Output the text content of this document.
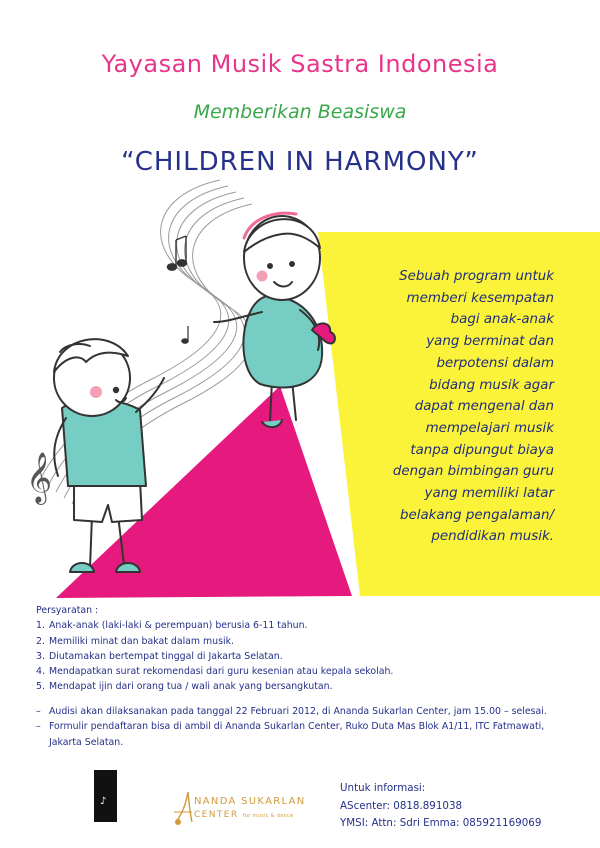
𝄞
Yayasan Musik Sastra Indonesia
Memberikan Beasiswa
“CHILDREN IN HARMONY”
Sebuah program untuk
memberi kesempatan
bagi anak-anak
yang berminat dan
berpotensi dalam
bidang musik agar
dapat mengenal dan
mempelajari musik
tanpa dipungut biaya
dengan bimbingan guru
yang memiliki latar
belakang pengalaman/
pendidikan musik.
Persyaratan :
1. Anak-anak (laki-laki & perempuan) berusia 6-11 tahun.
2. Memiliki minat dan bakat dalam musik.
3. Diutamakan bertempat tinggal di Jakarta Selatan.
4. Mendapatkan surat rekomendasi dari guru kesenian atau kepala sekolah.
5. Mendapat ijin dari orang tua / wali anak yang bersangkutan.
– Audisi akan dilaksanakan pada tanggal 22 Februari 2012, di Ananda Sukarlan Center, jam 15.00 – selesai.
– Formulir pendaftaran bisa di ambil di Ananda Sukarlan Center, Ruko Duta Mas Blok A1/11, ITC Fatmawati,
Jakarta Selatan.
♪	NANDA SUKARLAN
CENTER for music & dance
Untuk informasi:
AScenter: 0818.891038
YMSI: Attn: Sdri Emma: 085921169069
